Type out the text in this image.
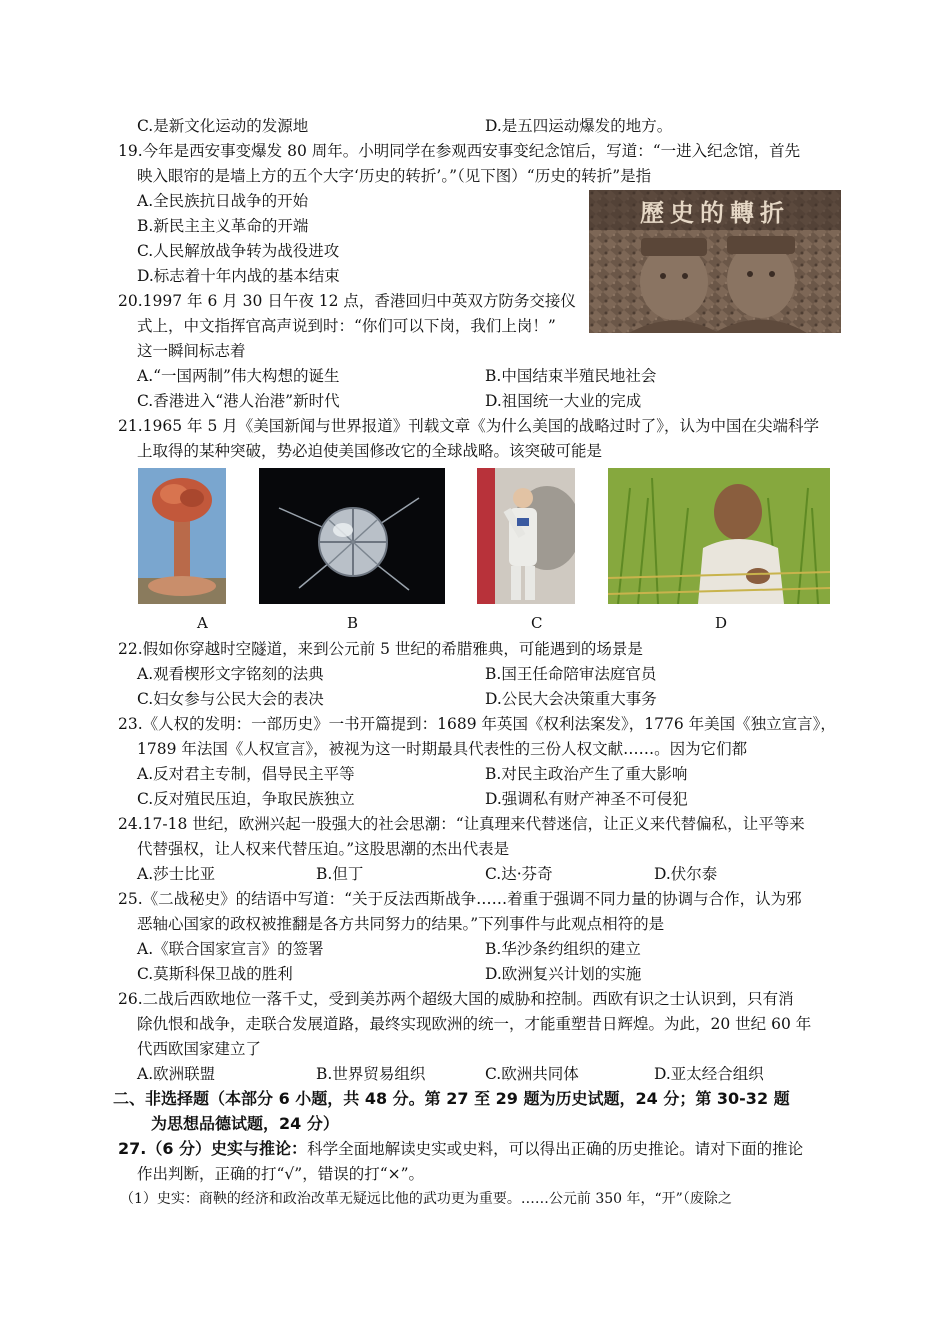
C.是新文化运动的发源地	D.是五四运动爆发的地方。
19.今年是西安事变爆发 80 周年。小明同学在参观西安事变纪念馆后，写道：“一进入纪念馆，首先
映入眼帘的是墙上方的五个大字‘历史的转折’。”（见下图）“历史的转折”是指
A.全民族抗日战争的开始
B.新民主主义革命的开端
C.人民解放战争转为战役进攻
D.标志着十年内战的基本结束
歷史的轉折
20.1997 年 6 月 30 日午夜 12 点，香港回归中英双方防务交接仪
式上，中文指挥官高声说到时：“你们可以下岗，我们上岗！”
这一瞬间标志着
A.“一国两制”伟大构想的诞生	B.中国结束半殖民地社会
C.香港进入“港人治港”新时代	D.祖国统一大业的完成
21.1965 年 5 月《美国新闻与世界报道》刊载文章《为什么美国的战略过时了》，认为中国在尖端科学
上取得的某种突破，势必迫使美国修改它的全球战略。该突破可能是
A	B	C	D
22.假如你穿越时空隧道，来到公元前 5 世纪的希腊雅典，可能遇到的场景是
A.观看楔形文字铭刻的法典	B.国王任命陪审法庭官员
C.妇女参与公民大会的表决	D.公民大会决策重大事务
23.《人权的发明：一部历史》一书开篇提到：1689 年英国《权利法案发》，1776 年美国《独立宣言》，
1789 年法国《人权宣言》，被视为这一时期最具代表性的三份人权文献……。因为它们都
A.反对君主专制，倡导民主平等	B.对民主政治产生了重大影响
C.反对殖民压迫，争取民族独立	D.强调私有财产神圣不可侵犯
24.17-18 世纪，欧洲兴起一股强大的社会思潮：“让真理来代替迷信，让正义来代替偏私，让平等来
代替强权，让人权来代替压迫。”这股思潮的杰出代表是
A.莎士比亚	B.但丁	C.达·芬奇	D.伏尔泰
25.《二战秘史》的结语中写道：“关于反法西斯战争……着重于强调不同力量的协调与合作，认为邪
恶轴心国家的政权被推翻是各方共同努力的结果。”下列事件与此观点相符的是
A.《联合国家宣言》的签署	B.华沙条约组织的建立
C.莫斯科保卫战的胜利	D.欧洲复兴计划的实施
26.二战后西欧地位一落千丈，受到美苏两个超级大国的威胁和控制。西欧有识之士认识到，只有消
除仇恨和战争，走联合发展道路，最终实现欧洲的统一，才能重塑昔日辉煌。为此，20 世纪 60 年
代西欧国家建立了
A.欧洲联盟	B.世界贸易组织	C.欧洲共同体	D.亚太经合组织
二、非选择题（本部分 6 小题，共 48 分。第 27 至 29 题为历史试题，24 分；第 30-32 题
为思想品德试题，24 分）
27.（6 分）史实与推论：科学全面地解读史实或史料，可以得出正确的历史推论。请对下面的推论
作出判断，正确的打“√”，错误的打“×”。
（1）史实：商鞅的经济和政治改革无疑远比他的武功更为重要。……公元前 350 年，“开”（废除之
